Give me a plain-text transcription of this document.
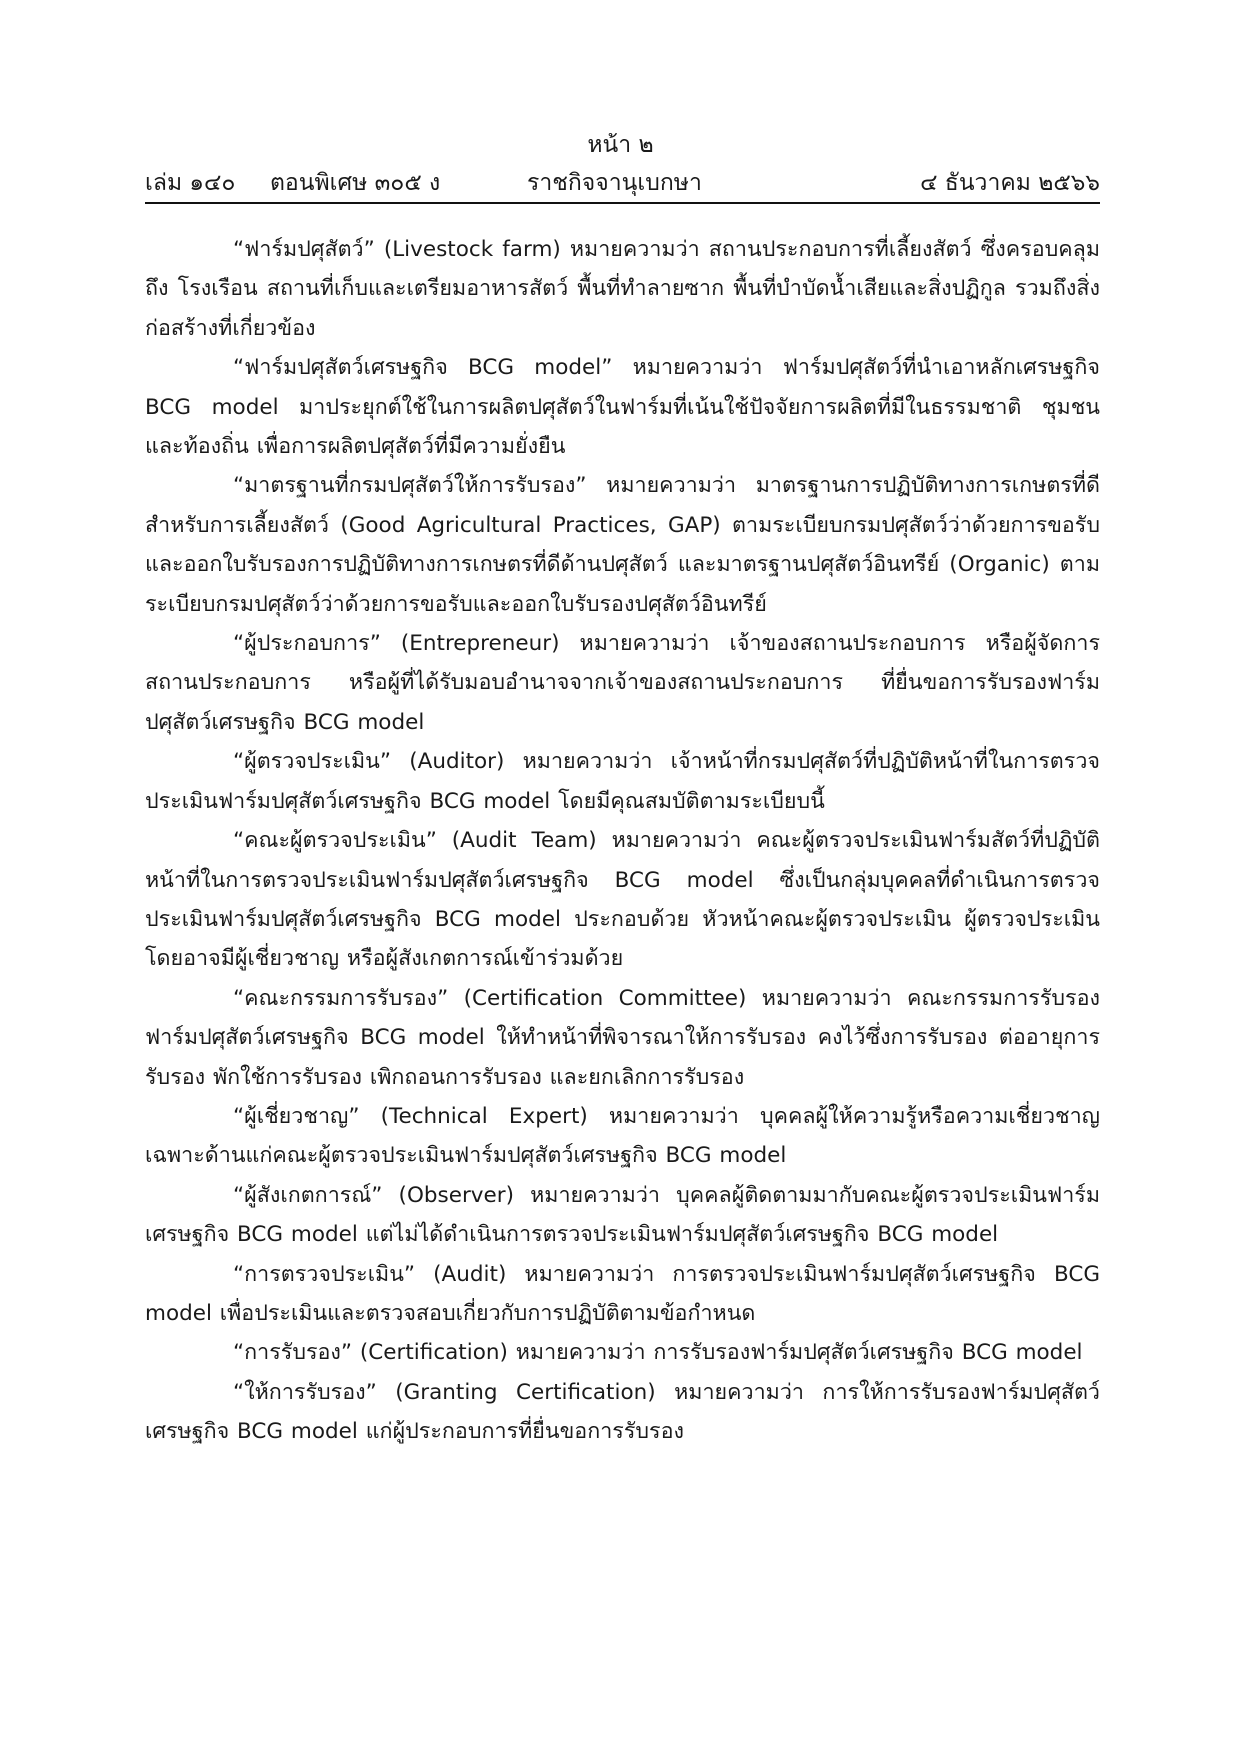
หน้า ๒
เล่ม ๑๔๐ ตอนพิเศษ ๓๐๕ ง	ราชกิจจานุเบกษา	๔ ธันวาคม ๒๕๖๖

“ฟาร์มปศุสัตว์” (Livestock farm) หมายความว่า สถานประกอบการที่เลี้ยงสัตว์ ซึ่งครอบคลุมถึง โรงเรือน สถานที่เก็บและเตรียมอาหารสัตว์ พื้นที่ทำลายซาก พื้นที่บำบัดน้ำเสียและสิ่งปฏิกูล รวมถึงสิ่งก่อสร้างที่เกี่ยวข้อง

“ฟาร์มปศุสัตว์เศรษฐกิจ BCG model” หมายความว่า ฟาร์มปศุสัตว์ที่นำเอาหลักเศรษฐกิจ BCG model มาประยุกต์ใช้ในการผลิตปศุสัตว์ในฟาร์มที่เน้นใช้ปัจจัยการผลิตที่มีในธรรมชาติ ชุมชนและท้องถิ่น เพื่อการผลิตปศุสัตว์ที่มีความยั่งยืน

“มาตรฐานที่กรมปศุสัตว์ให้การรับรอง” หมายความว่า มาตรฐานการปฏิบัติทางการเกษตรที่ดีสำหรับการเลี้ยงสัตว์ (Good Agricultural Practices, GAP) ตามระเบียบกรมปศุสัตว์ว่าด้วยการขอรับและออกใบรับรองการปฏิบัติทางการเกษตรที่ดีด้านปศุสัตว์ และมาตรฐานปศุสัตว์อินทรีย์ (Organic) ตามระเบียบกรมปศุสัตว์ว่าด้วยการขอรับและออกใบรับรองปศุสัตว์อินทรีย์

“ผู้ประกอบการ” (Entrepreneur) หมายความว่า เจ้าของสถานประกอบการ หรือผู้จัดการสถานประกอบการ หรือผู้ที่ได้รับมอบอำนาจจากเจ้าของสถานประกอบการ ที่ยื่นขอการรับรองฟาร์มปศุสัตว์เศรษฐกิจ BCG model

“ผู้ตรวจประเมิน” (Auditor) หมายความว่า เจ้าหน้าที่กรมปศุสัตว์ที่ปฏิบัติหน้าที่ในการตรวจประเมินฟาร์มปศุสัตว์เศรษฐกิจ BCG model โดยมีคุณสมบัติตามระเบียบนี้

“คณะผู้ตรวจประเมิน” (Audit Team) หมายความว่า คณะผู้ตรวจประเมินฟาร์มสัตว์ที่ปฏิบัติหน้าที่ในการตรวจประเมินฟาร์มปศุสัตว์เศรษฐกิจ BCG model ซึ่งเป็นกลุ่มบุคคลที่ดำเนินการตรวจประเมินฟาร์มปศุสัตว์เศรษฐกิจ BCG model ประกอบด้วย หัวหน้าคณะผู้ตรวจประเมิน ผู้ตรวจประเมิน โดยอาจมีผู้เชี่ยวชาญ หรือผู้สังเกตการณ์เข้าร่วมด้วย

“คณะกรรมการรับรอง” (Certification Committee) หมายความว่า คณะกรรมการรับรองฟาร์มปศุสัตว์เศรษฐกิจ BCG model ให้ทำหน้าที่พิจารณาให้การรับรอง คงไว้ซึ่งการรับรอง ต่ออายุการรับรอง พักใช้การรับรอง เพิกถอนการรับรอง และยกเลิกการรับรอง

“ผู้เชี่ยวชาญ” (Technical Expert) หมายความว่า บุคคลผู้ให้ความรู้หรือความเชี่ยวชาญเฉพาะด้านแก่คณะผู้ตรวจประเมินฟาร์มปศุสัตว์เศรษฐกิจ BCG model

“ผู้สังเกตการณ์” (Observer) หมายความว่า บุคคลผู้ติดตามมากับคณะผู้ตรวจประเมินฟาร์มเศรษฐกิจ BCG model แต่ไม่ได้ดำเนินการตรวจประเมินฟาร์มปศุสัตว์เศรษฐกิจ BCG model

“การตรวจประเมิน” (Audit) หมายความว่า การตรวจประเมินฟาร์มปศุสัตว์เศรษฐกิจ BCG model เพื่อประเมินและตรวจสอบเกี่ยวกับการปฏิบัติตามข้อกำหนด

“การรับรอง” (Certification) หมายความว่า การรับรองฟาร์มปศุสัตว์เศรษฐกิจ BCG model

“ให้การรับรอง” (Granting Certification) หมายความว่า การให้การรับรองฟาร์มปศุสัตว์เศรษฐกิจ BCG model แก่ผู้ประกอบการที่ยื่นขอการรับรอง
